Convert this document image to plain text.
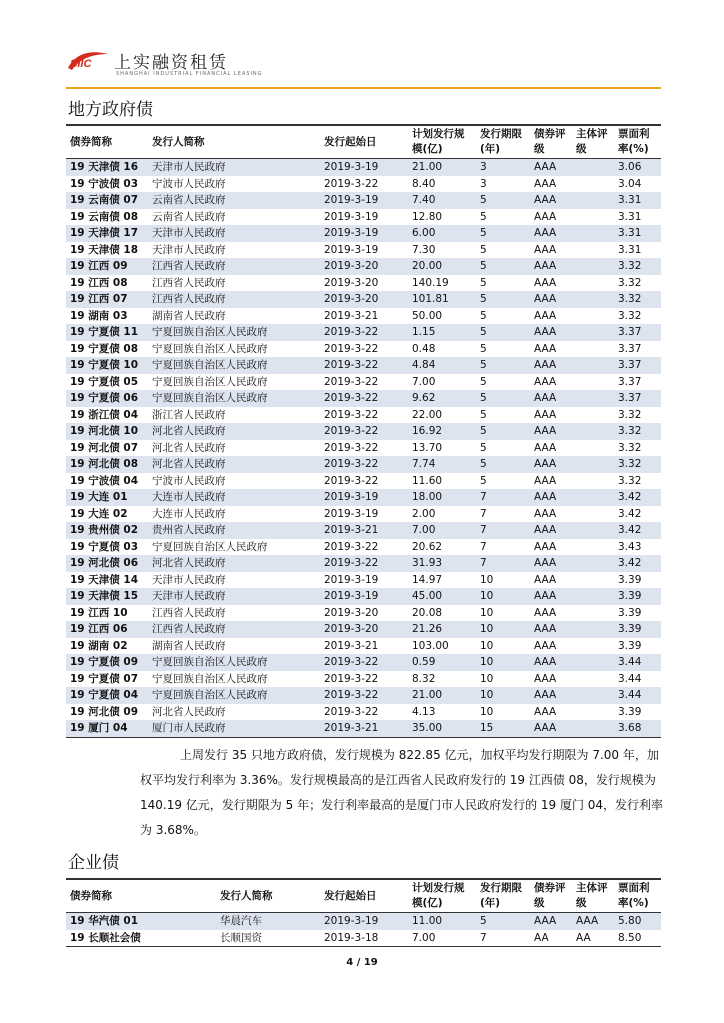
SIIC 上实融资租赁
SHANGHAI INDUSTRIAL FINANCIAL LEASING
地方政府债
债券简称	发行人简称	发行起始日	计划发行规模(亿)	发行期限(年)	债券评级	主体评级	票面利率(%)
19 天津债 16	天津市人民政府	2019-3-19	21.00	3	AAA		3.06
19 宁波债 03	宁波市人民政府	2019-3-22	8.40	3	AAA		3.04
19 云南债 07	云南省人民政府	2019-3-19	7.40	5	AAA		3.31
19 云南债 08	云南省人民政府	2019-3-19	12.80	5	AAA		3.31
19 天津债 17	天津市人民政府	2019-3-19	6.00	5	AAA		3.31
19 天津债 18	天津市人民政府	2019-3-19	7.30	5	AAA		3.31
19 江西 09	江西省人民政府	2019-3-20	20.00	5	AAA		3.32
19 江西 08	江西省人民政府	2019-3-20	140.19	5	AAA		3.32
19 江西 07	江西省人民政府	2019-3-20	101.81	5	AAA		3.32
19 湖南 03	湖南省人民政府	2019-3-21	50.00	5	AAA		3.32
19 宁夏债 11	宁夏回族自治区人民政府	2019-3-22	1.15	5	AAA		3.37
19 宁夏债 08	宁夏回族自治区人民政府	2019-3-22	0.48	5	AAA		3.37
19 宁夏债 10	宁夏回族自治区人民政府	2019-3-22	4.84	5	AAA		3.37
19 宁夏债 05	宁夏回族自治区人民政府	2019-3-22	7.00	5	AAA		3.37
19 宁夏债 06	宁夏回族自治区人民政府	2019-3-22	9.62	5	AAA		3.37
19 浙江债 04	浙江省人民政府	2019-3-22	22.00	5	AAA		3.32
19 河北债 10	河北省人民政府	2019-3-22	16.92	5	AAA		3.32
19 河北债 07	河北省人民政府	2019-3-22	13.70	5	AAA		3.32
19 河北债 08	河北省人民政府	2019-3-22	7.74	5	AAA		3.32
19 宁波债 04	宁波市人民政府	2019-3-22	11.60	5	AAA		3.32
19 大连 01	大连市人民政府	2019-3-19	18.00	7	AAA		3.42
19 大连 02	大连市人民政府	2019-3-19	2.00	7	AAA		3.42
19 贵州债 02	贵州省人民政府	2019-3-21	7.00	7	AAA		3.42
19 宁夏债 03	宁夏回族自治区人民政府	2019-3-22	20.62	7	AAA		3.43
19 河北债 06	河北省人民政府	2019-3-22	31.93	7	AAA		3.42
19 天津债 14	天津市人民政府	2019-3-19	14.97	10	AAA		3.39
19 天津债 15	天津市人民政府	2019-3-19	45.00	10	AAA		3.39
19 江西 10	江西省人民政府	2019-3-20	20.08	10	AAA		3.39
19 江西 06	江西省人民政府	2019-3-20	21.26	10	AAA		3.39
19 湖南 02	湖南省人民政府	2019-3-21	103.00	10	AAA		3.39
19 宁夏债 09	宁夏回族自治区人民政府	2019-3-22	0.59	10	AAA		3.44
19 宁夏债 07	宁夏回族自治区人民政府	2019-3-22	8.32	10	AAA		3.44
19 宁夏债 04	宁夏回族自治区人民政府	2019-3-22	21.00	10	AAA		3.44
19 河北债 09	河北省人民政府	2019-3-22	4.13	10	AAA		3.39
19 厦门 04	厦门市人民政府	2019-3-21	35.00	15	AAA		3.68

上周发行 35 只地方政府债，发行规模为 822.85 亿元，加权平均发行期限为 7.00 年，加权平均发行利率为 3.36%。发行规模最高的是江西省人民政府发行的 19 江西债 08，发行规模为 140.19 亿元，发行期限为 5 年；发行利率最高的是厦门市人民政府发行的 19 厦门 04，发行利率为 3.68%。

企业债
债券简称	发行人简称	发行起始日	计划发行规模(亿)	发行期限(年)	债券评级	主体评级	票面利率(%)
19 华汽债 01	华晨汽车	2019-3-19	11.00	5	AAA	AAA	5.80
19 长顺社会债	长顺国资	2019-3-18	7.00	7	AA	AA	8.50
4 / 19
